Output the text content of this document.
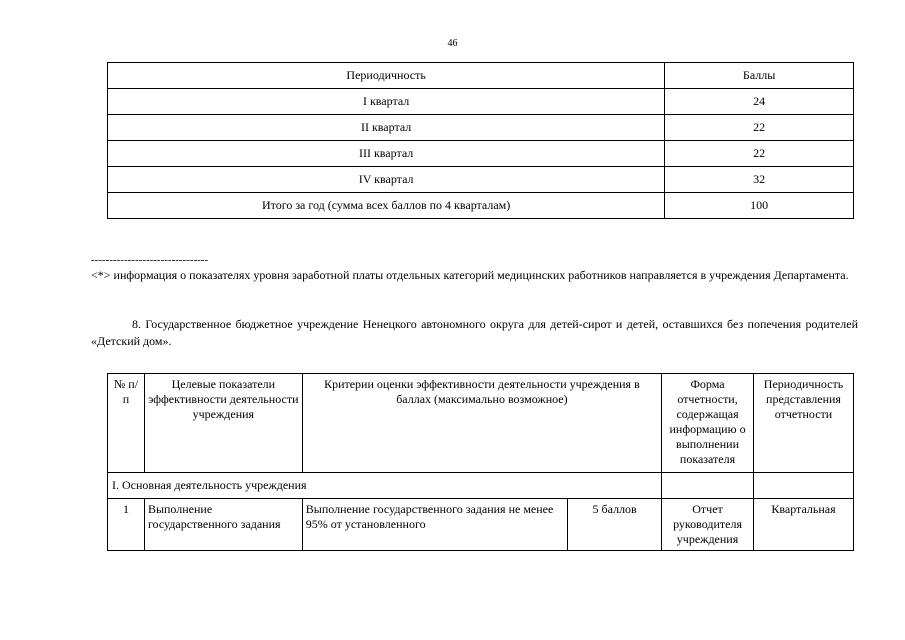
46
Периодичность	Баллы
I квартал	24
II квартал	22
III квартал	22
IV квартал	32
Итого за год (сумма всех баллов по 4 кварталам)	100
--------------------------------
<*> информация о показателях уровня заработной платы отдельных категорий медицинских работников направляется в учреждения Департамента.
8. Государственное бюджетное учреждение Ненецкого автономного округа для детей-сирот и детей, оставшихся без попечения родителей «Детский дом».
№ п/п	Целевые показатели эффективности деятельности учреждения	Критерии оценки эффективности деятельности учреждения в баллах (максимально возможное)		Форма отчетности, содержащая информацию о выполнении показателя	Периодичность представления отчетности
I. Основная деятельность учреждения					
1	Выполнение государственного задания	Выполнение государственного задания не менее 95% от установленного	5 баллов	Отчет руководителя учреждения	Квартальная
